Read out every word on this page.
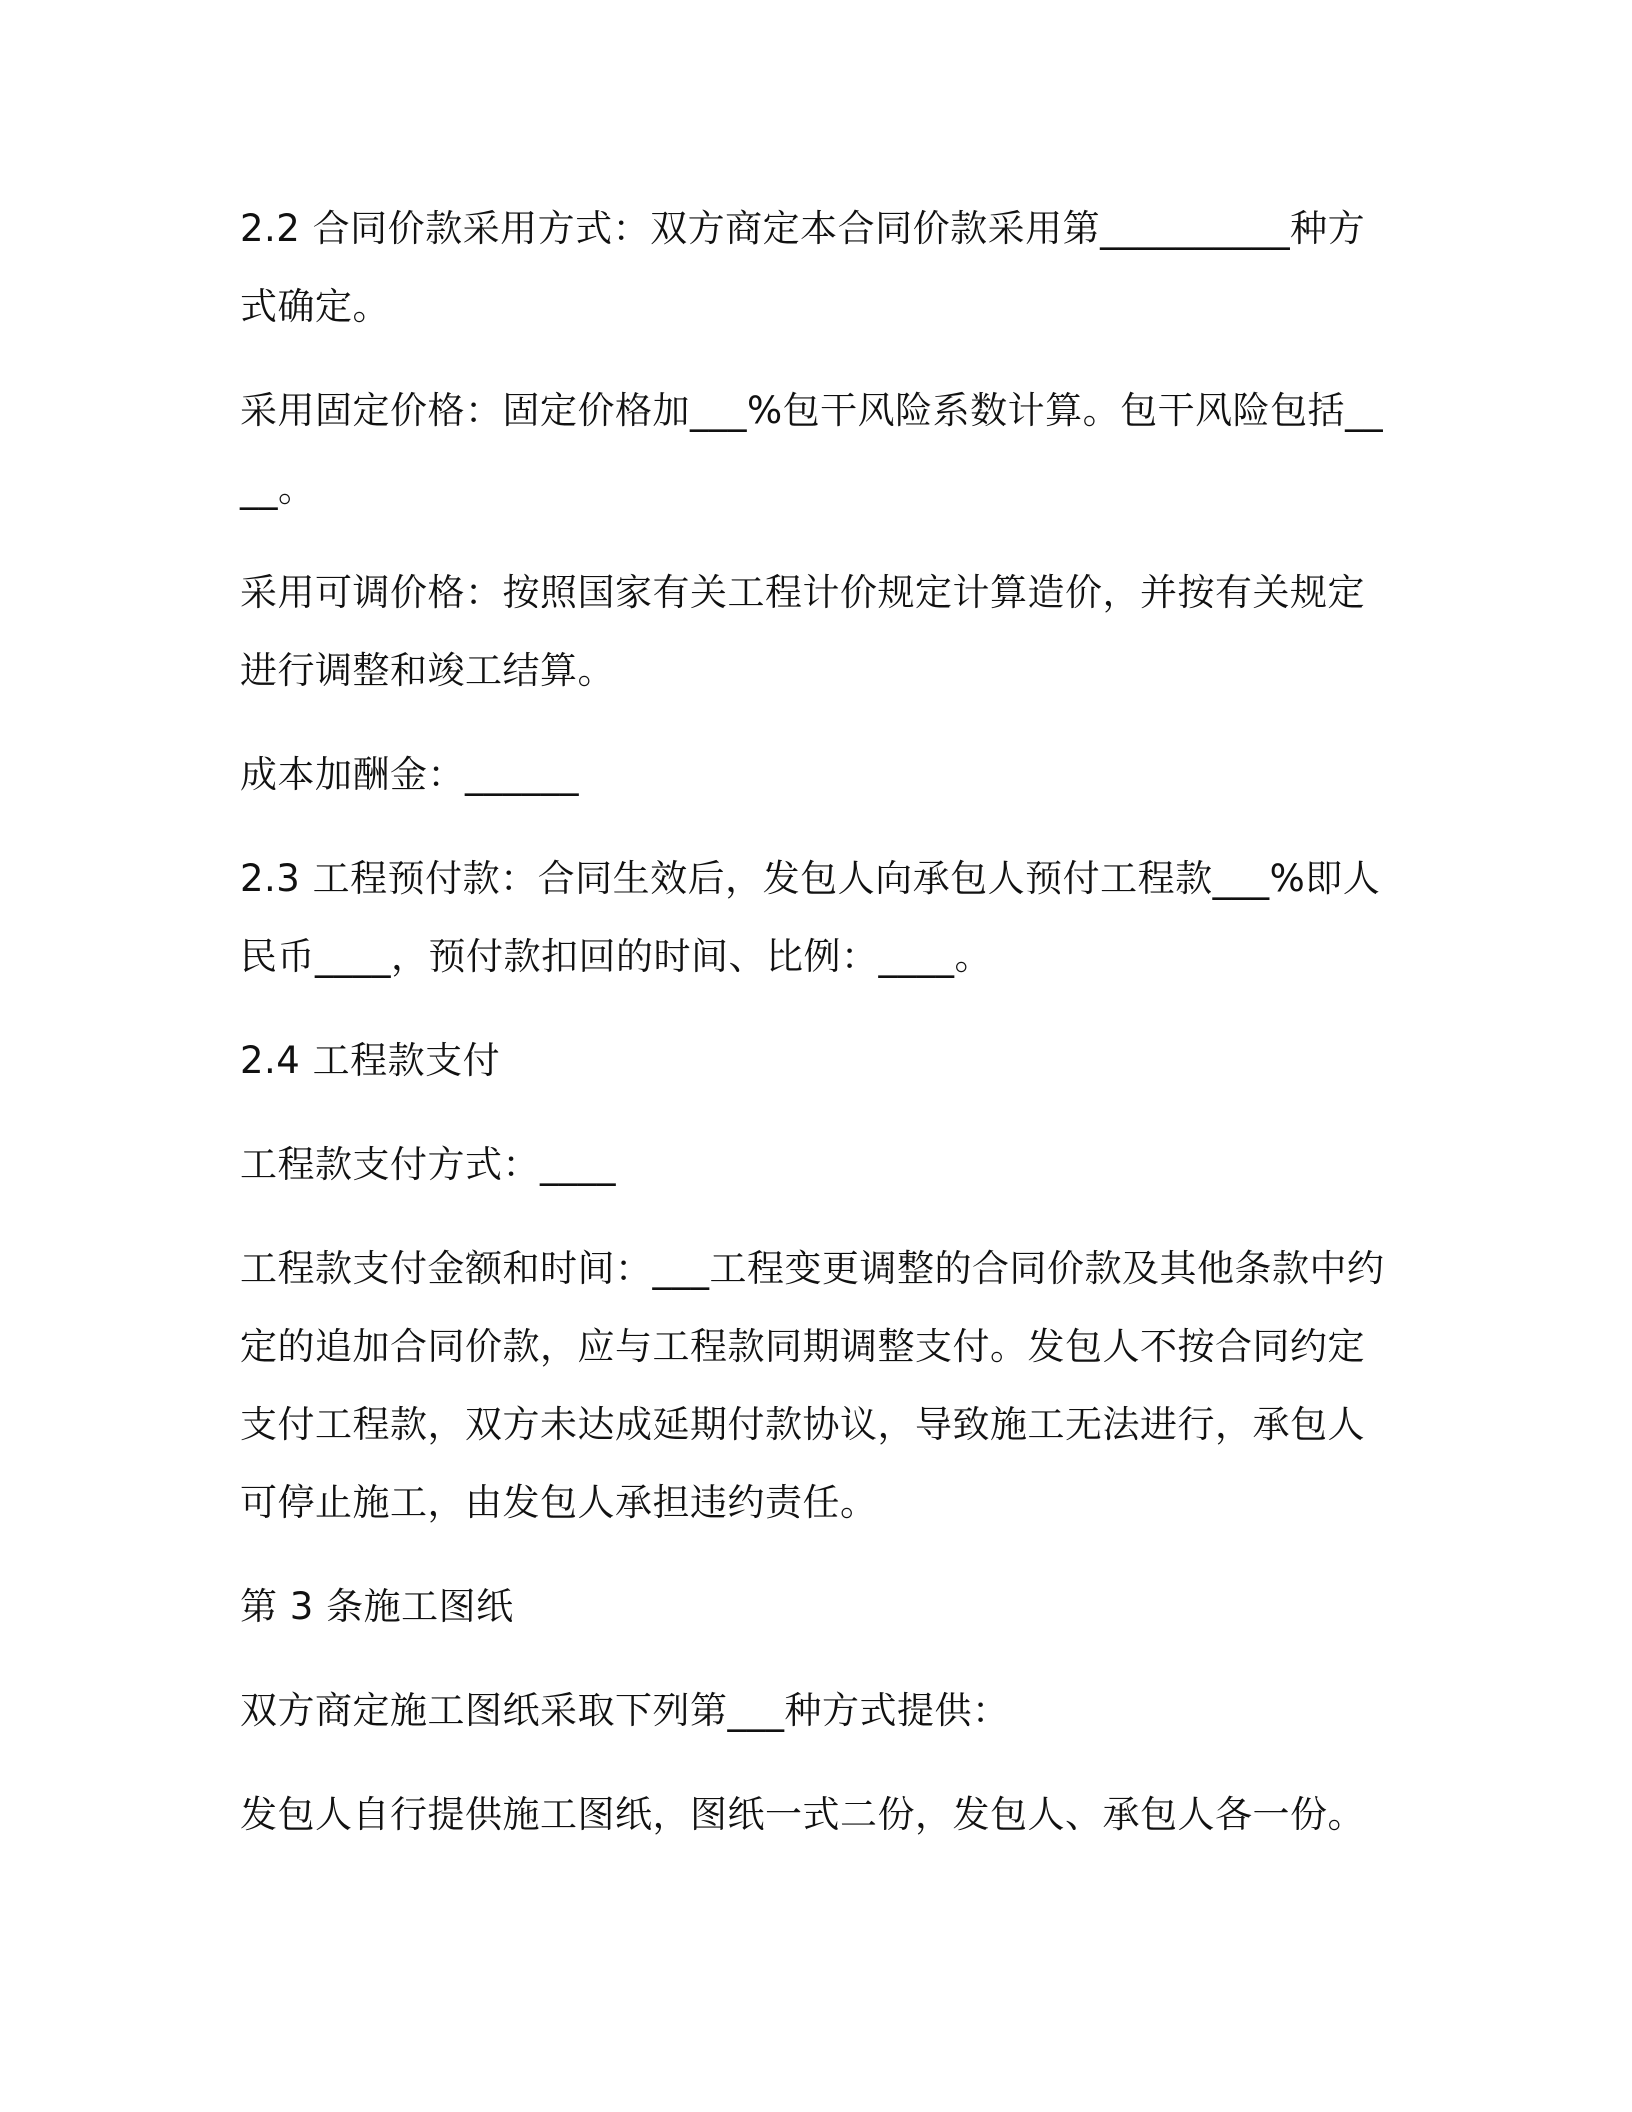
2.2 合同价款采用方式：双方商定本合同价款采用第__________种方式确定。

采用固定价格：固定价格加___%包干风险系数计算。包干风险包括____。

采用可调价格：按照国家有关工程计价规定计算造价，并按有关规定进行调整和竣工结算。

成本加酬金：______

2.3 工程预付款：合同生效后，发包人向承包人预付工程款___%即人民币____，预付款扣回的时间、比例：____。

2.4 工程款支付

工程款支付方式：____

工程款支付金额和时间：___工程变更调整的合同价款及其他条款中约定的追加合同价款，应与工程款同期调整支付。发包人不按合同约定支付工程款，双方未达成延期付款协议，导致施工无法进行，承包人可停止施工，由发包人承担违约责任。

第 3 条施工图纸

双方商定施工图纸采取下列第___种方式提供：

发包人自行提供施工图纸，图纸一式二份，发包人、承包人各一份。
